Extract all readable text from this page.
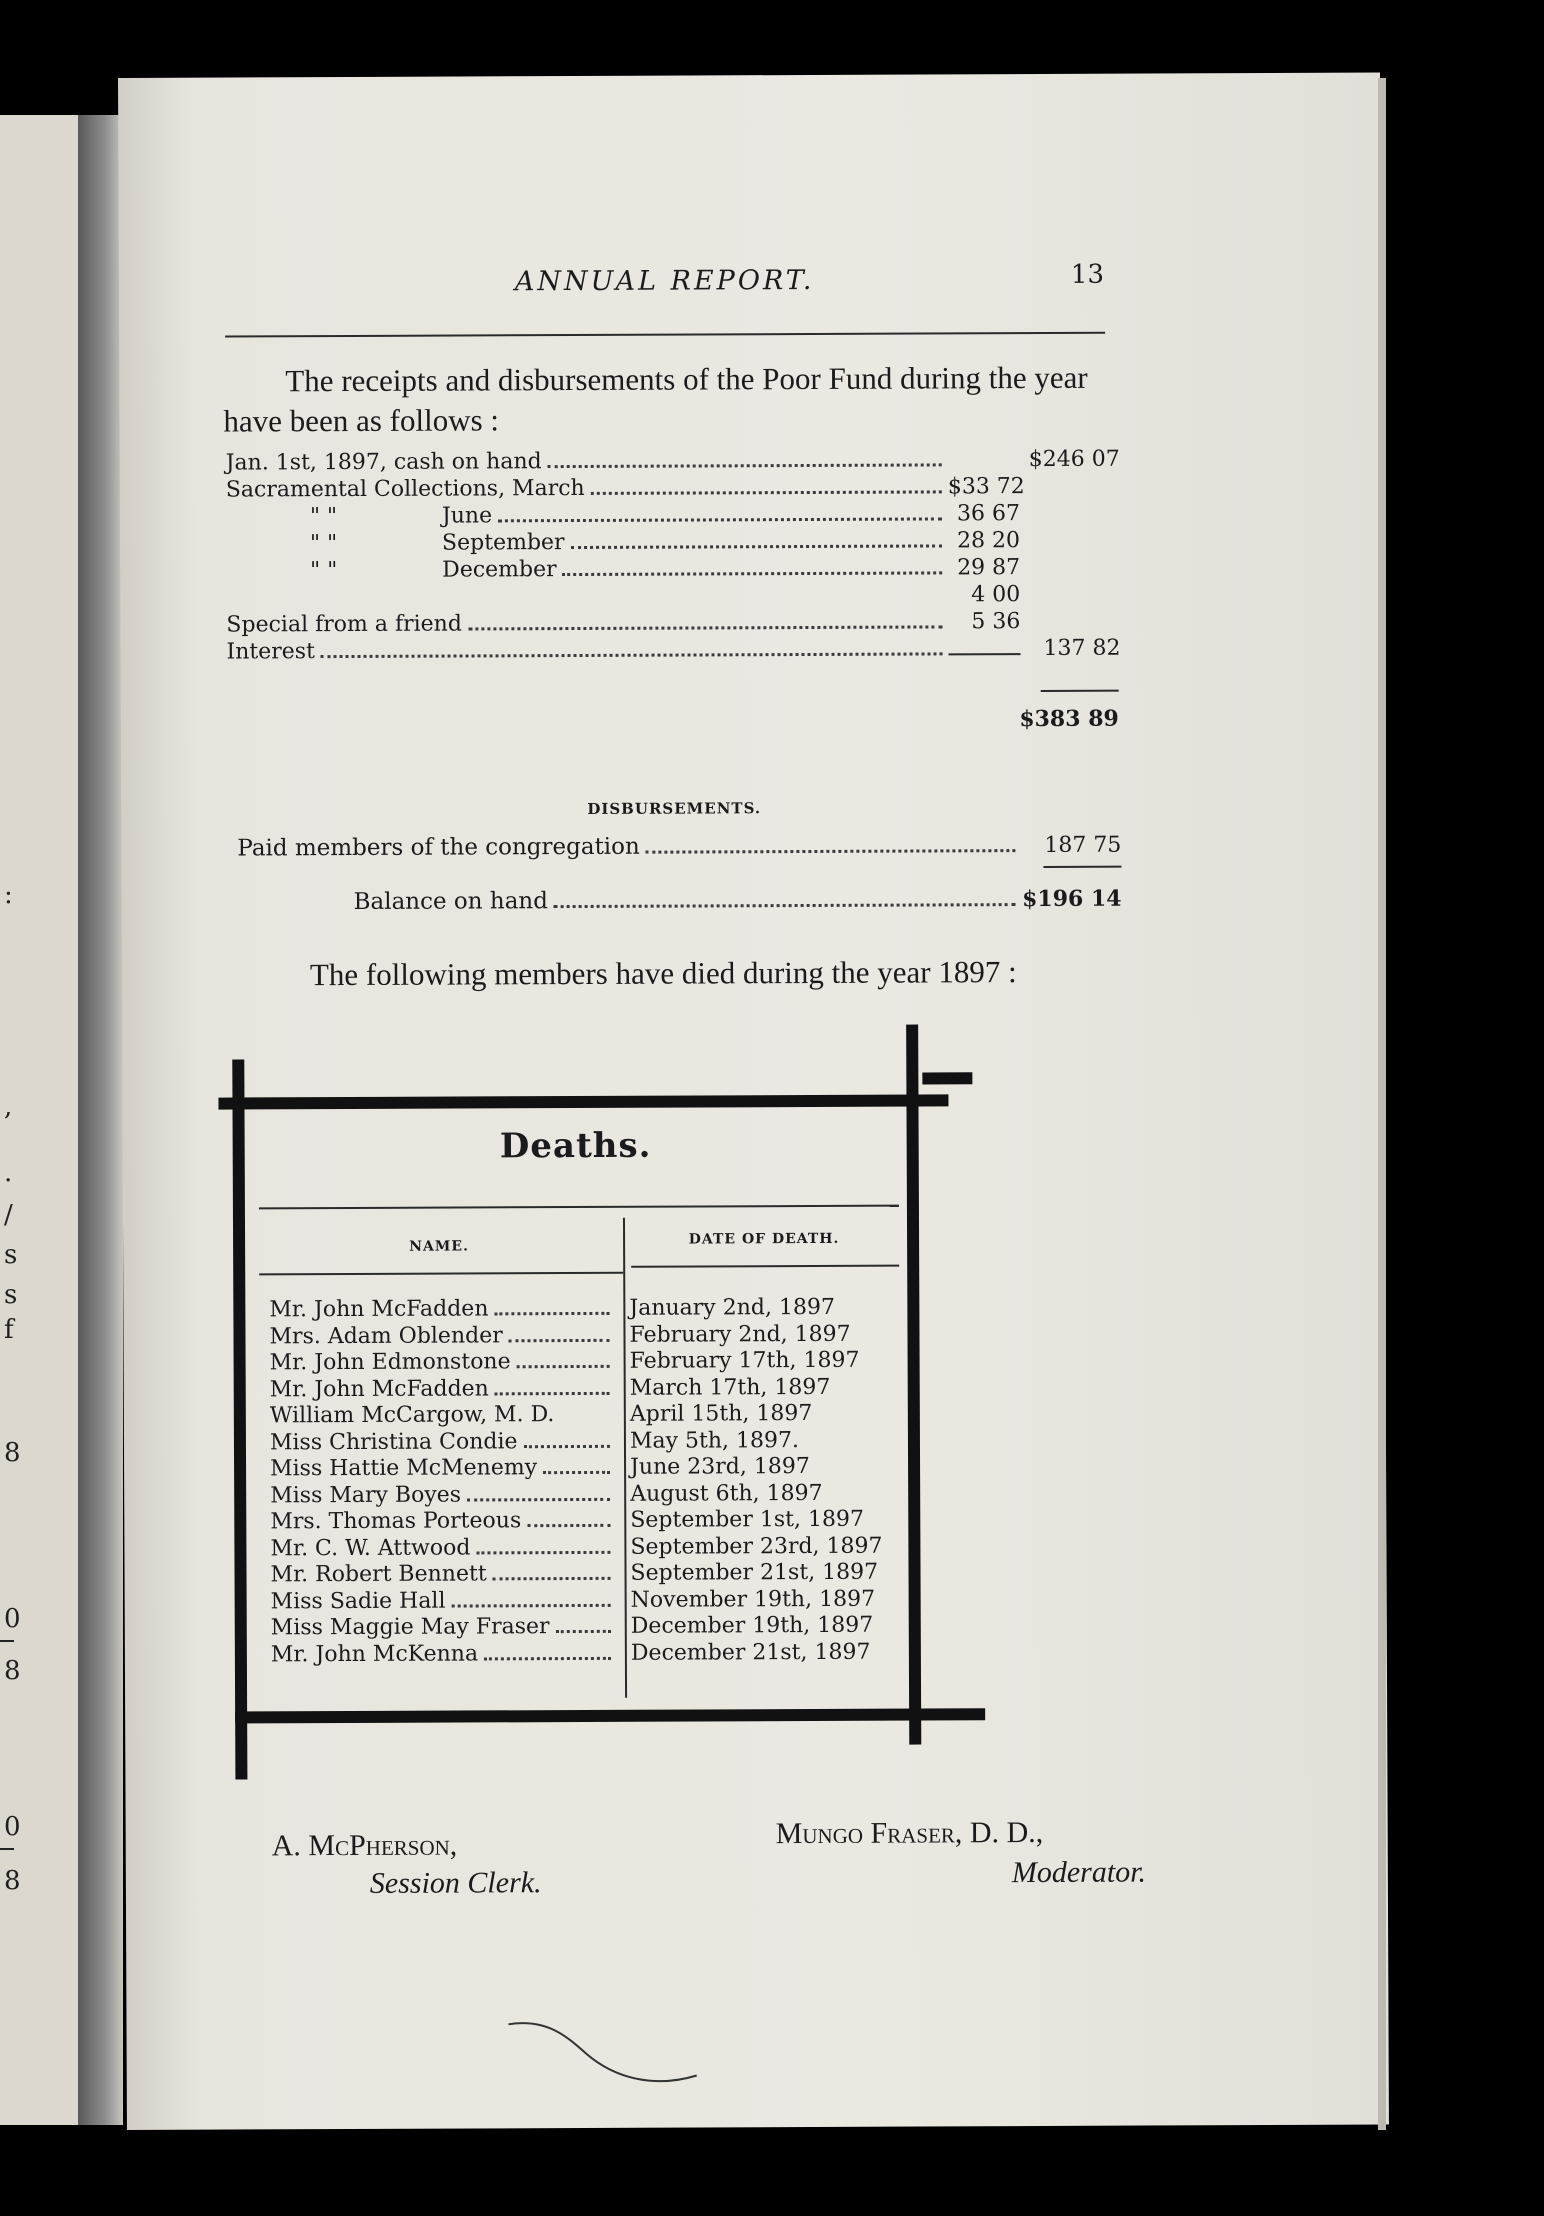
:
,
.
/
s
s
f
8
0
8
0
8
ANNUAL REPORT.	13
The receipts and disbursements of the Poor Fund during the year have been as follows :
Jan. 1st, 1897, cash on hand	$246 07
Sacramental Collections, March	$33 72
" "	June	36 67
" "	September	28 20
" "	December	29 87
4 00
Special from a friend	5 36
Interest	137 82
$383 89
DISBURSEMENTS.
Paid members of the congregation	187 75
Balance on hand	$196 14
The following members have died during the year 1897 :
Deaths.
NAME.	DATE OF DEATH.
Mr. John McFadden	January 2nd, 1897
Mrs. Adam Oblender	February 2nd, 1897
Mr. John Edmonstone	February 17th, 1897
Mr. John McFadden	March 17th, 1897
William McCargow, M. D.	April 15th, 1897
Miss Christina Condie	May 5th, 1897.
Miss Hattie McMenemy	June 23rd, 1897
Miss Mary Boyes	August 6th, 1897
Mrs. Thomas Porteous	September 1st, 1897
Mr. C. W. Attwood	September 23rd, 1897
Mr. Robert Bennett	September 21st, 1897
Miss Sadie Hall	November 19th, 1897
Miss Maggie May Fraser	December 19th, 1897
Mr. John McKenna	December 21st, 1897
A. McPherson,
Session Clerk.
Mungo Fraser, D. D.,
Moderator.
